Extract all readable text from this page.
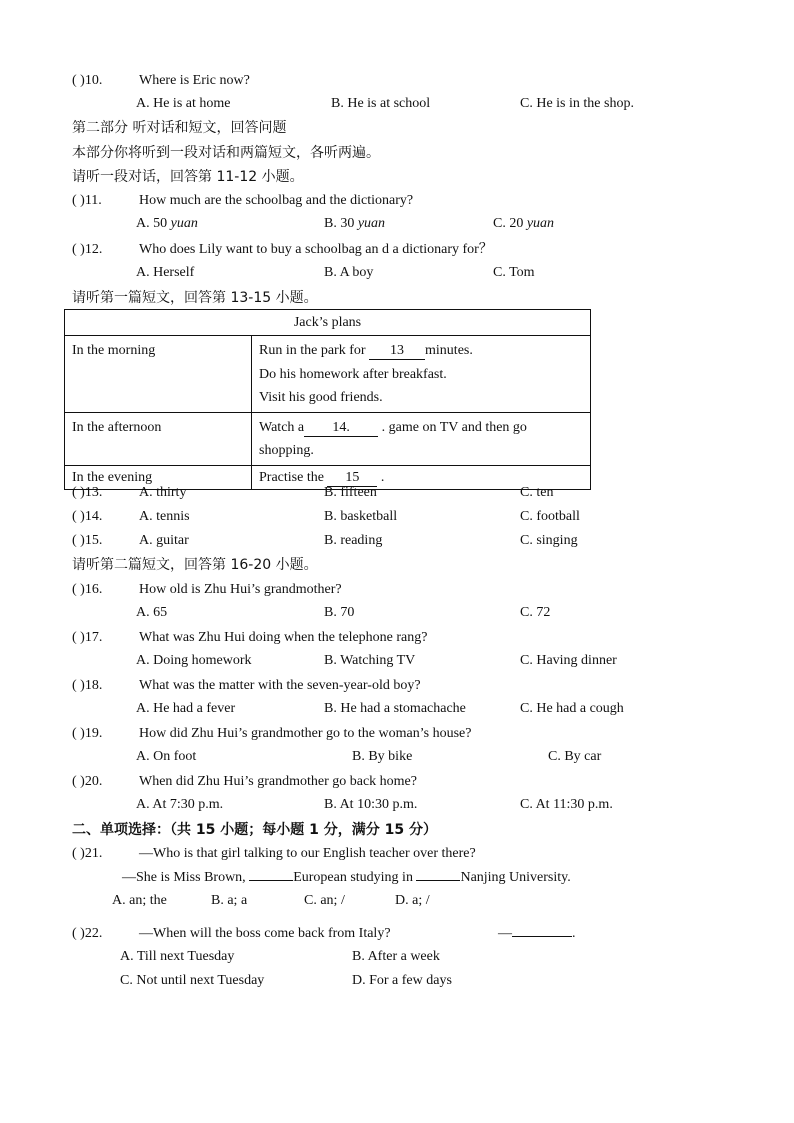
( )10.	Where is Eric now?
A. He is at home	B. He is at school	C. He is in the shop.
第二部分 听对话和短文，回答问题
本部分你将听到一段对话和两篇短文，各听两遍。
请听一段对话，回答第 11-12 小题。
( )11.	How much are the schoolbag and the dictionary?
A. 50 yuan	B. 30 yuan	C. 20 yuan
( )12.	Who does Lily want to buy a schoolbag an d a dictionary for？
A. Herself	B. A boy	C. Tom
请听第一篇短文，回答第 13-15 小题。
Jack’s plans	
In the morning	Run in the park for 13 minutes.
Do his homework after breakfast.
Visit his good friends.

In the afternoon	Watch a 14. . game on TV and then go
shopping.

In the evening	Practise the 15 .
( )13.	A. thirty	B. fifteen	C. ten
( )14.	A. tennis	B. basketball	C. football
( )15.	A. guitar	B. reading	C. singing
请听第二篇短文，回答第 16-20 小题。
( )16.	How old is Zhu Hui’s grandmother?
A. 65	B. 70	C. 72
( )17.	What was Zhu Hui doing when the telephone rang?
A. Doing homework	B. Watching TV	C. Having dinner
( )18.	What was the matter with the seven-year-old boy?
A. He had a fever	B. He had a stomachache	C. He had a cough
( )19.	How did Zhu Hui’s grandmother go to the woman’s house?
A. On foot	B. By bike	C. By car
( )20.	When did Zhu Hui’s grandmother go back home?
A. At 7:30 p.m.	B. At 10:30 p.m.	C. At 11:30 p.m.
二、单项选择：（共 15 小题；每小题 1 分，满分 15 分）
( )21.	—Who is that girl talking to our English teacher over there?
—She is Miss Brown,	European studying in	Nanjing University.
A. an; the	B. a; a	C. an; /	D. a; /
( )22.	—When will the boss come back from Italy?	—	.
A. Till next Tuesday	B. After a week
C. Not until next Tuesday	D. For a few days
